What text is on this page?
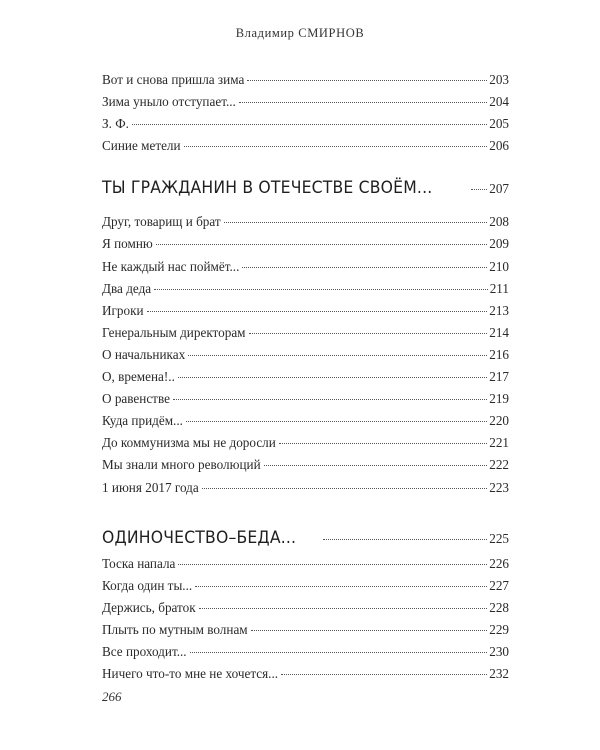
Владимир СМИРНОВ
Вот и снова пришла зима	203
Зима уныло отступает...	204
З. Ф.	205
Синие метели	206
ТЫ ГРАЖДАНИН В ОТЕЧЕСТВЕ СВОЁМ...	207
Друг, товарищ и брат	208
Я помню	209
Не каждый нас поймёт...	210
Два деда	211
Игроки	213
Генеральным директорам	214
О начальниках	216
О, времена!..	217
О равенстве	219
Куда придём...	220
До коммунизма мы не доросли	221
Мы знали много революций	222
1 июня 2017 года	223
ОДИНОЧЕСТВО–БЕДА...	225
Тоска напала	226
Когда один ты...	227
Держись, браток	228
Плыть по мутным волнам	229
Все проходит...	230
Ничего что-то мне не хочется...	232
266
